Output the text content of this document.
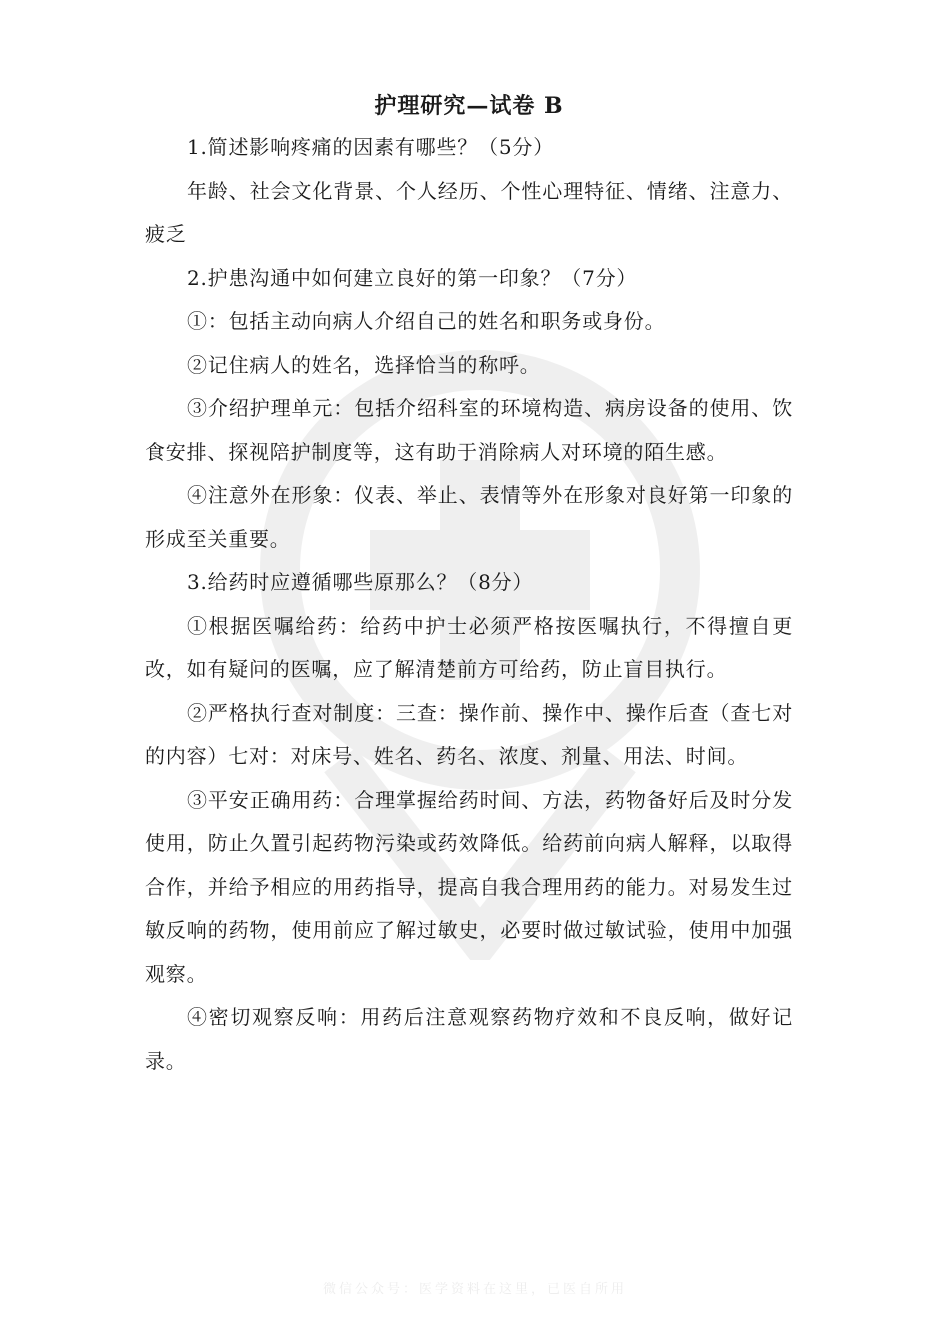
护理研究—试卷 B

1.简述影响疼痛的因素有哪些？（5分）

年龄、社会文化背景、个人经历、个性心理特征、情绪、注意力、疲乏

2.护患沟通中如何建立良好的第一印象？（7分）

①：包括主动向病人介绍自己的姓名和职务或身份。

②记住病人的姓名，选择恰当的称呼。

③介绍护理单元：包括介绍科室的环境构造、病房设备的使用、饮食安排、探视陪护制度等，这有助于消除病人对环境的陌生感。

④注意外在形象：仪表、举止、表情等外在形象对良好第一印象的形成至关重要。

3.给药时应遵循哪些原那么？（8分）

①根据医嘱给药：给药中护士必须严格按医嘱执行，不得擅自更改，如有疑问的医嘱，应了解清楚前方可给药，防止盲目执行。

②严格执行查对制度：三查：操作前、操作中、操作后查（查七对的内容）七对：对床号、姓名、药名、浓度、剂量、用法、时间。

③平安正确用药：合理掌握给药时间、方法，药物备好后及时分发使用，防止久置引起药物污染或药效降低。给药前向病人解释，以取得合作，并给予相应的用药指导，提高自我合理用药的能力。对易发生过敏反响的药物，使用前应了解过敏史，必要时做过敏试验，使用中加强观察。

④密切观察反响：用药后注意观察药物疗效和不良反响，做好记录。

微信公众号：医学资料在这里，已医自所用
